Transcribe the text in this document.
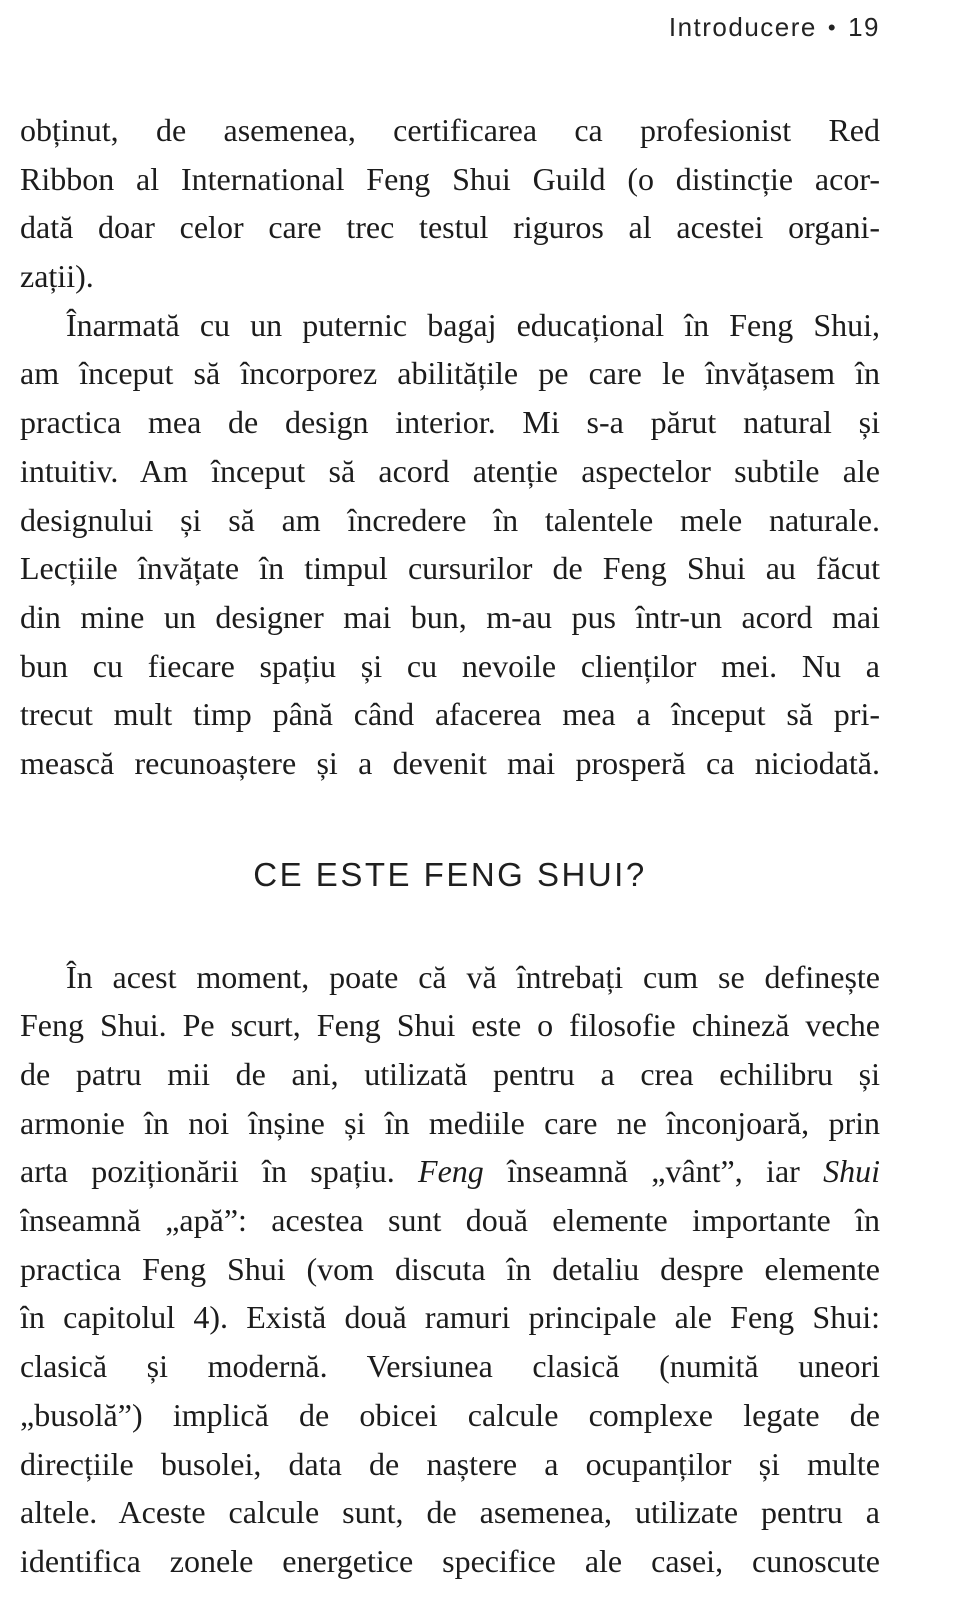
Introducere • 19
obținut, de asemenea, certificarea ca profesionist Red
Ribbon al International Feng Shui Guild (o distincție acor-
dată doar celor care trec testul riguros al acestei organi-
zații).
Înarmată cu un puternic bagaj educațional în Feng Shui,
am început să încorporez abilitățile pe care le învățasem în
practica mea de design interior. Mi s-a părut natural și
intuitiv. Am început să acord atenție aspectelor subtile ale
designului și să am încredere în talentele mele naturale.
Lecțiile învățate în timpul cursurilor de Feng Shui au făcut
din mine un designer mai bun, m-au pus într-un acord mai
bun cu fiecare spațiu și cu nevoile clienților mei. Nu a
trecut mult timp până când afacerea mea a început să pri-
mească recunoaștere și a devenit mai prosperă ca niciodată.
CE ESTE FENG SHUI?
În acest moment, poate că vă întrebați cum se definește
Feng Shui. Pe scurt, Feng Shui este o filosofie chineză veche
de patru mii de ani, utilizată pentru a crea echilibru și
armonie în noi înșine și în mediile care ne înconjoară, prin
arta poziționării în spațiu. Feng înseamnă „vânt”, iar Shui
înseamnă „apă”: acestea sunt două elemente importante în
practica Feng Shui (vom discuta în detaliu despre elemente
în capitolul 4). Există două ramuri principale ale Feng Shui:
clasică și modernă. Versiunea clasică (numită uneori
„busolă”) implică de obicei calcule complexe legate de
direcțiile busolei, data de naștere a ocupanților și multe
altele. Aceste calcule sunt, de asemenea, utilizate pentru a
identifica zonele energetice specifice ale casei, cunoscute
